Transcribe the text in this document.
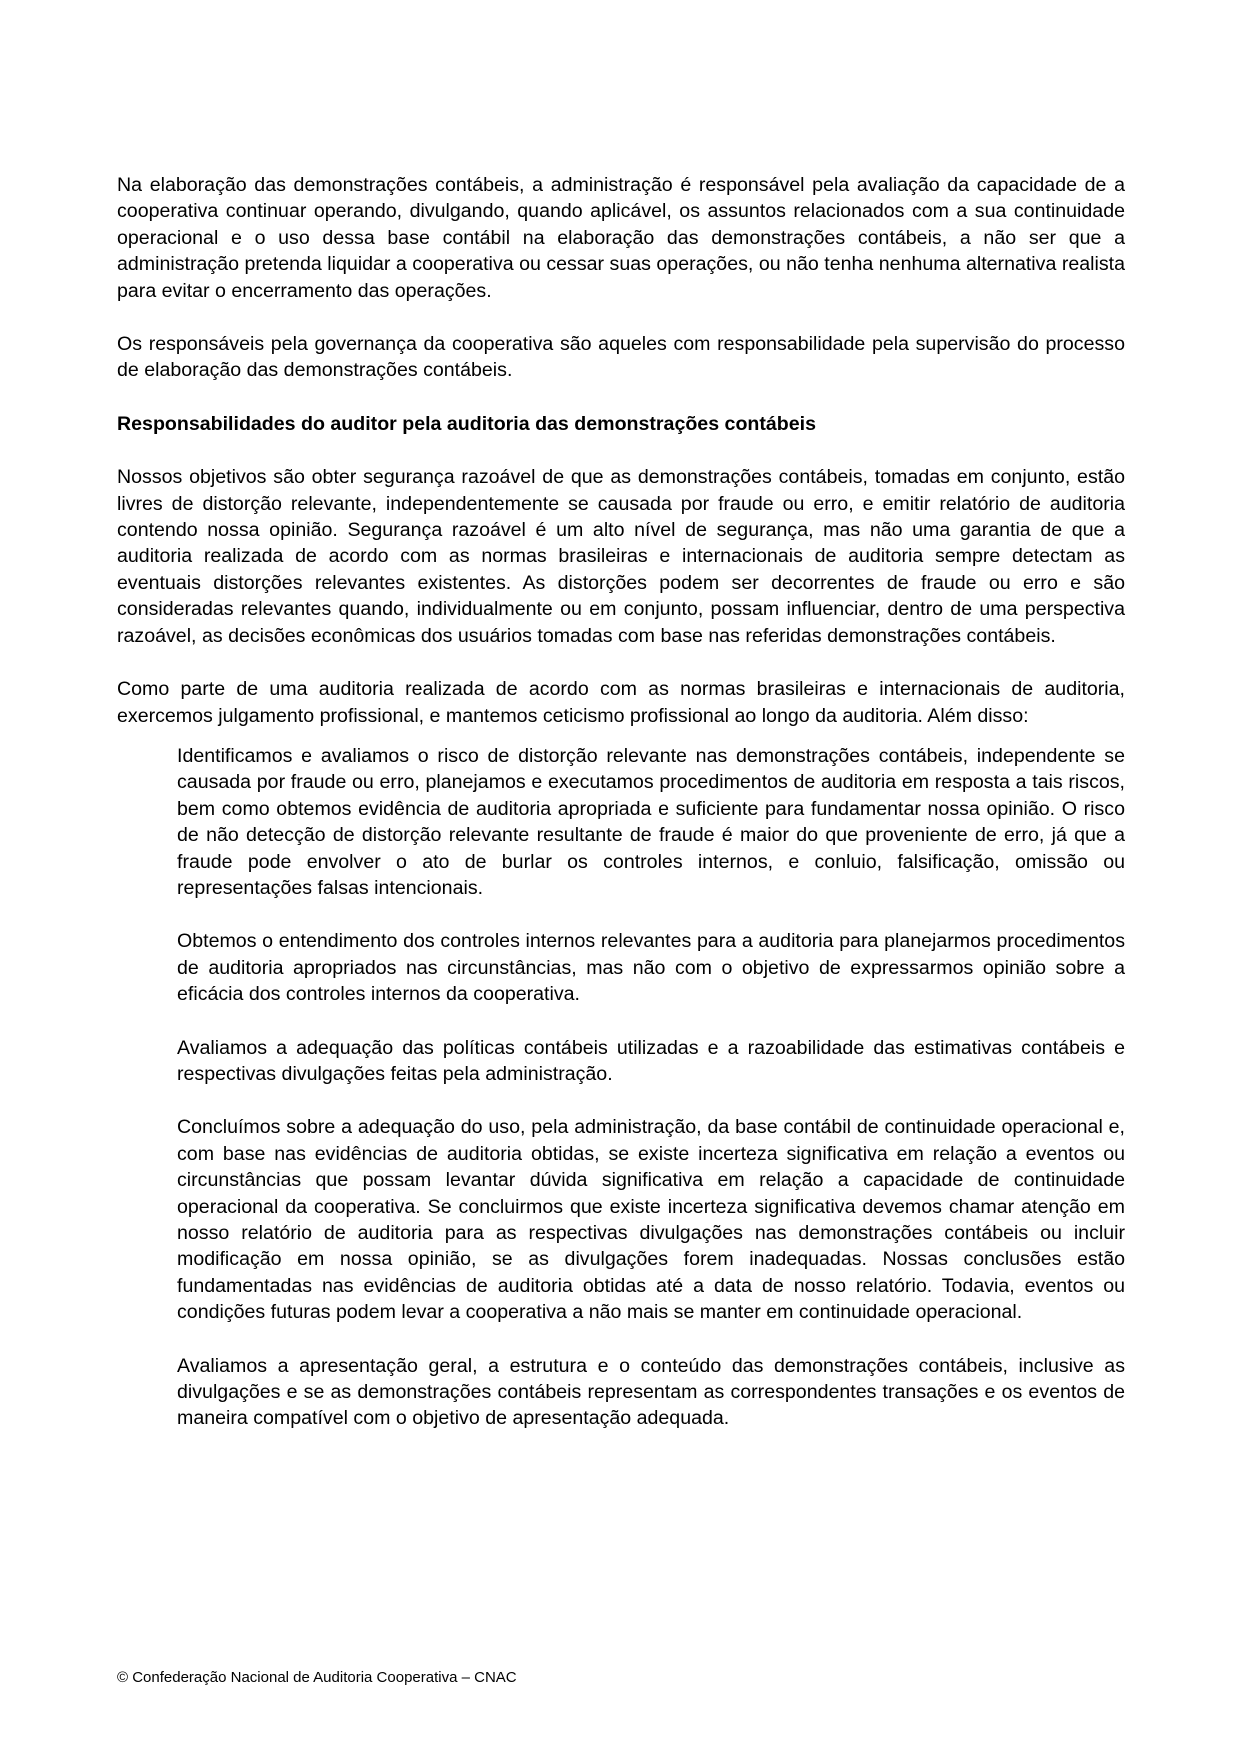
Na elaboração das demonstrações contábeis, a administração é responsável pela avaliação da capacidade de a cooperativa continuar operando, divulgando, quando aplicável, os assuntos relacionados com a sua continuidade operacional e o uso dessa base contábil na elaboração das demonstrações contábeis, a não ser que a administração pretenda liquidar a cooperativa ou cessar suas operações, ou não tenha nenhuma alternativa realista para evitar o encerramento das operações.

Os responsáveis pela governança da cooperativa são aqueles com responsabilidade pela supervisão do processo de elaboração das demonstrações contábeis.

Responsabilidades do auditor pela auditoria das demonstrações contábeis

Nossos objetivos são obter segurança razoável de que as demonstrações contábeis, tomadas em conjunto, estão livres de distorção relevante, independentemente se causada por fraude ou erro, e emitir relatório de auditoria contendo nossa opinião. Segurança razoável é um alto nível de segurança, mas não uma garantia de que a auditoria realizada de acordo com as normas brasileiras e internacionais de auditoria sempre detectam as eventuais distorções relevantes existentes. As distorções podem ser decorrentes de fraude ou erro e são consideradas relevantes quando, individualmente ou em conjunto, possam influenciar, dentro de uma perspectiva razoável, as decisões econômicas dos usuários tomadas com base nas referidas demonstrações contábeis.

Como parte de uma auditoria realizada de acordo com as normas brasileiras e internacionais de auditoria, exercemos julgamento profissional, e mantemos ceticismo profissional ao longo da auditoria. Além disso:

Identificamos e avaliamos o risco de distorção relevante nas demonstrações contábeis, independente se causada por fraude ou erro, planejamos e executamos procedimentos de auditoria em resposta a tais riscos, bem como obtemos evidência de auditoria apropriada e suficiente para fundamentar nossa opinião. O risco de não detecção de distorção relevante resultante de fraude é maior do que proveniente de erro, já que a fraude pode envolver o ato de burlar os controles internos, e conluio, falsificação, omissão ou representações falsas intencionais.

Obtemos o entendimento dos controles internos relevantes para a auditoria para planejarmos procedimentos de auditoria apropriados nas circunstâncias, mas não com o objetivo de expressarmos opinião sobre a eficácia dos controles internos da cooperativa.

Avaliamos a adequação das políticas contábeis utilizadas e a razoabilidade das estimativas contábeis e respectivas divulgações feitas pela administração.

Concluímos sobre a adequação do uso, pela administração, da base contábil de continuidade operacional e, com base nas evidências de auditoria obtidas, se existe incerteza significativa em relação a eventos ou circunstâncias que possam levantar dúvida significativa em relação a capacidade de continuidade operacional da cooperativa. Se concluirmos que existe incerteza significativa devemos chamar atenção em nosso relatório de auditoria para as respectivas divulgações nas demonstrações contábeis ou incluir modificação em nossa opinião, se as divulgações forem inadequadas. Nossas conclusões estão fundamentadas nas evidências de auditoria obtidas até a data de nosso relatório. Todavia, eventos ou condições futuras podem levar a cooperativa a não mais se manter em continuidade operacional.

Avaliamos a apresentação geral, a estrutura e o conteúdo das demonstrações contábeis, inclusive as divulgações e se as demonstrações contábeis representam as correspondentes transações e os eventos de maneira compatível com o objetivo de apresentação adequada.

© Confederação Nacional de Auditoria Cooperativa – CNAC
